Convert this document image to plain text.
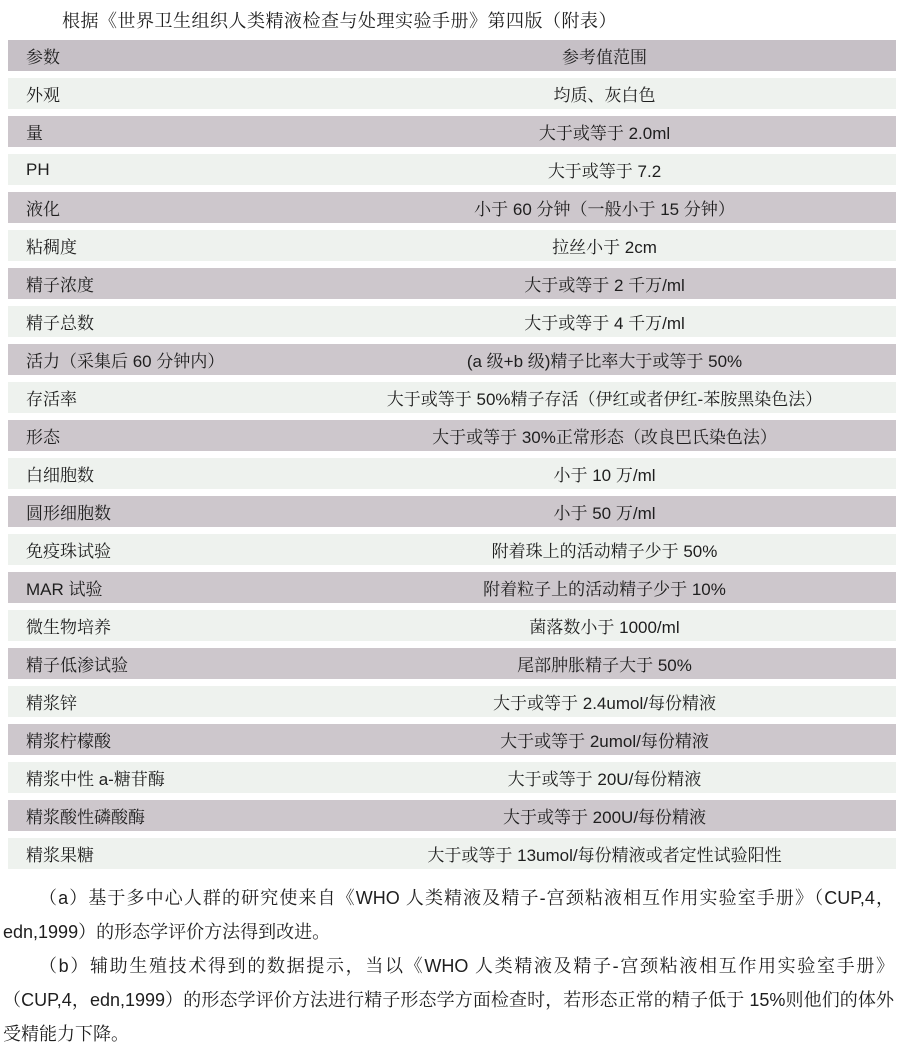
根据《世界卫生组织人类精液检查与处理实验手册》第四版（附表）
参数	参考值范围
外观	均质、灰白色
量	大于或等于 2.0ml
PH	大于或等于 7.2
液化	小于 60 分钟（一般小于 15 分钟）
粘稠度	拉丝小于 2cm
精子浓度	大于或等于 2 千万/ml
精子总数	大于或等于 4 千万/ml
活力（采集后 60 分钟内）	(a 级+b 级)精子比率大于或等于 50%
存活率	大于或等于 50%精子存活（伊红或者伊红-苯胺黑染色法）
形态	大于或等于 30%正常形态（改良巴氏染色法）
白细胞数	小于 10 万/ml
圆形细胞数	小于 50 万/ml
免疫珠试验	附着珠上的活动精子少于 50%
MAR 试验	附着粒子上的活动精子少于 10%
微生物培养	菌落数小于 1000/ml
精子低渗试验	尾部肿胀精子大于 50%
精浆锌	大于或等于 2.4umol/每份精液
精浆柠檬酸	大于或等于 2umol/每份精液
精浆中性 a-糖苷酶	大于或等于 20U/每份精液
精浆酸性磷酸酶	大于或等于 200U/每份精液
精浆果糖	大于或等于 13umol/每份精液或者定性试验阳性

（a）基于多中心人群的研究使来自《WHO 人类精液及精子-宫颈粘液相互作用实验室手册》（CUP,4，edn,1999）的形态学评价方法得到改进。

（b）辅助生殖技术得到的数据提示，当以《WHO 人类精液及精子-宫颈粘液相互作用实验室手册》（CUP,4，edn,1999）的形态学评价方法进行精子形态学方面检查时，若形态正常的精子低于 15%则他们的体外受精能力下降。
